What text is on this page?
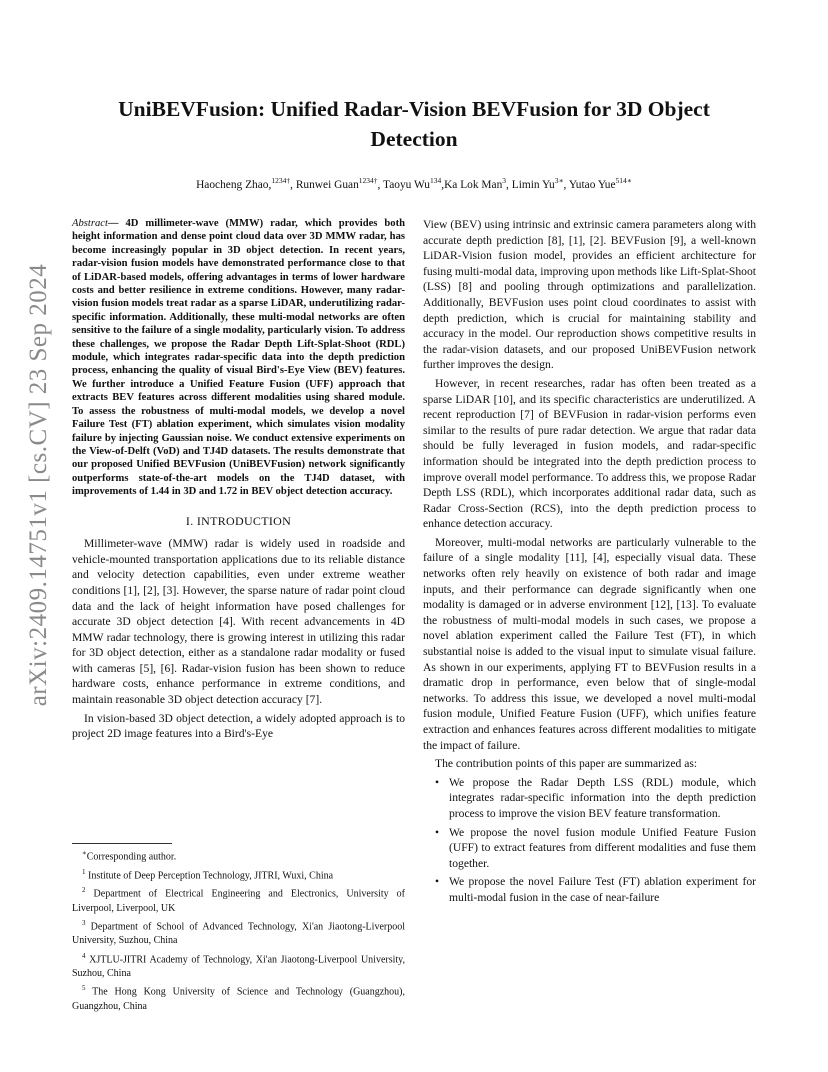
arXiv:2409.14751v1 [cs.CV] 23 Sep 2024
UniBEVFusion: Unified Radar-Vision BEVFusion for 3D Object Detection
Haocheng Zhao,$^{1234\dagger}$, Runwei Guan$^{1234\dagger}$, Taoyu Wu$^{134}$,Ka Lok Man$^3$, Limin $Yu^{3∗}$, Yutao Yue$^{514∗}$

Abstract— 4D millimeter-wave (MMW) radar, which provides both height information and dense point cloud data over 3D MMW radar, has become increasingly popular in 3D object detection. In recent years, radar-vision fusion models have demonstrated performance close to that of LiDAR-based models, offering advantages in terms of lower hardware costs and better resilience in extreme conditions. However, many radar-vision fusion models treat radar as a sparse LiDAR, underutilizing radar-specific information. Additionally, these multi-modal networks are often sensitive to the failure of a single modality, particularly vision. To address these challenges, we propose the Radar Depth Lift-Splat-Shoot (RDL) module, which integrates radar-specific data into the depth prediction process, enhancing the quality of visual Bird's-Eye View (BEV) features. We further introduce a Unified Feature Fusion (UFF) approach that extracts BEV features across different modalities using shared module. To assess the robustness of multi-modal models, we develop a novel Failure Test (FT) ablation experiment, which simulates vision modality failure by injecting Gaussian noise. We conduct extensive experiments on the View-of-Delft (VoD) and TJ4D datasets. The results demonstrate that our proposed Unified BEVFusion (UniBEVFusion) network significantly outperforms state-of-the-art models on the TJ4D dataset, with improvements of 1.44 in 3D and 1.72 in BEV object detection accuracy.

I. INTRODUCTION

Millimeter-wave (MMW) radar is widely used in roadside and vehicle-mounted transportation applications due to its reliable distance and velocity detection capabilities, even under extreme weather conditions [1], [2], [3]. However, the sparse nature of radar point cloud data and the lack of height information have posed challenges for accurate 3D object detection [4]. With recent advancements in 4D MMW radar technology, there is growing interest in utilizing this radar for 3D object detection, either as a standalone radar modality or fused with cameras [5], [6]. Radar-vision fusion has been shown to reduce hardware costs, enhance performance in extreme conditions, and maintain reasonable 3D object detection accuracy [7].

In vision-based 3D object detection, a widely adopted approach is to project 2D image features into a Bird's-Eye

∗Corresponding author.

$^1$ Institute of Deep Perception Technology, JITRI, Wuxi, China

$^2$ Department of Electrical Engineering and Electronics, University of Liverpool, Liverpool, UK

$^3$ Department of School of Advanced Technology, Xi'an Jiaotong-Liverpool University, Suzhou, China

$^4$ XJTLU-JITRI Academy of Technology, Xi'an Jiaotong-Liverpool University, Suzhou, China

$^5$ The Hong Kong University of Science and Technology (Guangzhou), Guangzhou, China

View (BEV) using intrinsic and extrinsic camera parameters along with accurate depth prediction [8], [1], [2]. BEVFusion [9], a well-known LiDAR-Vision fusion model, provides an efficient architecture for fusing multi-modal data, improving upon methods like Lift-Splat-Shoot (LSS) [8] and pooling through optimizations and parallelization. Additionally, BEVFusion uses point cloud coordinates to assist with depth prediction, which is crucial for maintaining stability and accuracy in the model. Our reproduction shows competitive results in the radar-vision datasets, and our proposed UniBEVFusion network further improves the design.

However, in recent researches, radar has often been treated as a sparse LiDAR [10], and its specific characteristics are underutilized. A recent reproduction [7] of BEVFusion in radar-vision performs even similar to the results of pure radar detection. We argue that radar data should be fully leveraged in fusion models, and radar-specific information should be integrated into the depth prediction process to improve overall model performance. To address this, we propose Radar Depth LSS (RDL), which incorporates additional radar data, such as Radar Cross-Section (RCS), into the depth prediction process to enhance detection accuracy.

Moreover, multi-modal networks are particularly vulnerable to the failure of a single modality [11], [4], especially visual data. These networks often rely heavily on existence of both radar and image inputs, and their performance can degrade significantly when one modality is damaged or in adverse environment [12], [13]. To evaluate the robustness of multi-modal models in such cases, we propose a novel ablation experiment called the Failure Test (FT), in which substantial noise is added to the visual input to simulate visual failure. As shown in our experiments, applying FT to BEVFusion results in a dramatic drop in performance, even below that of single-modal networks. To address this issue, we developed a novel multi-modal fusion module, Unified Feature Fusion (UFF), which unifies feature extraction and enhances features across different modalities to mitigate the impact of failure.

The contribution points of this paper are summarized as:

• We propose the Radar Depth LSS (RDL) module, which integrates radar-specific information into the depth prediction process to improve the vision BEV feature transformation.
• We propose the novel fusion module Unified Feature Fusion (UFF) to extract features from different modalities and fuse them together.
• We propose the novel Failure Test (FT) ablation experiment for multi-modal fusion in the case of near-failure
